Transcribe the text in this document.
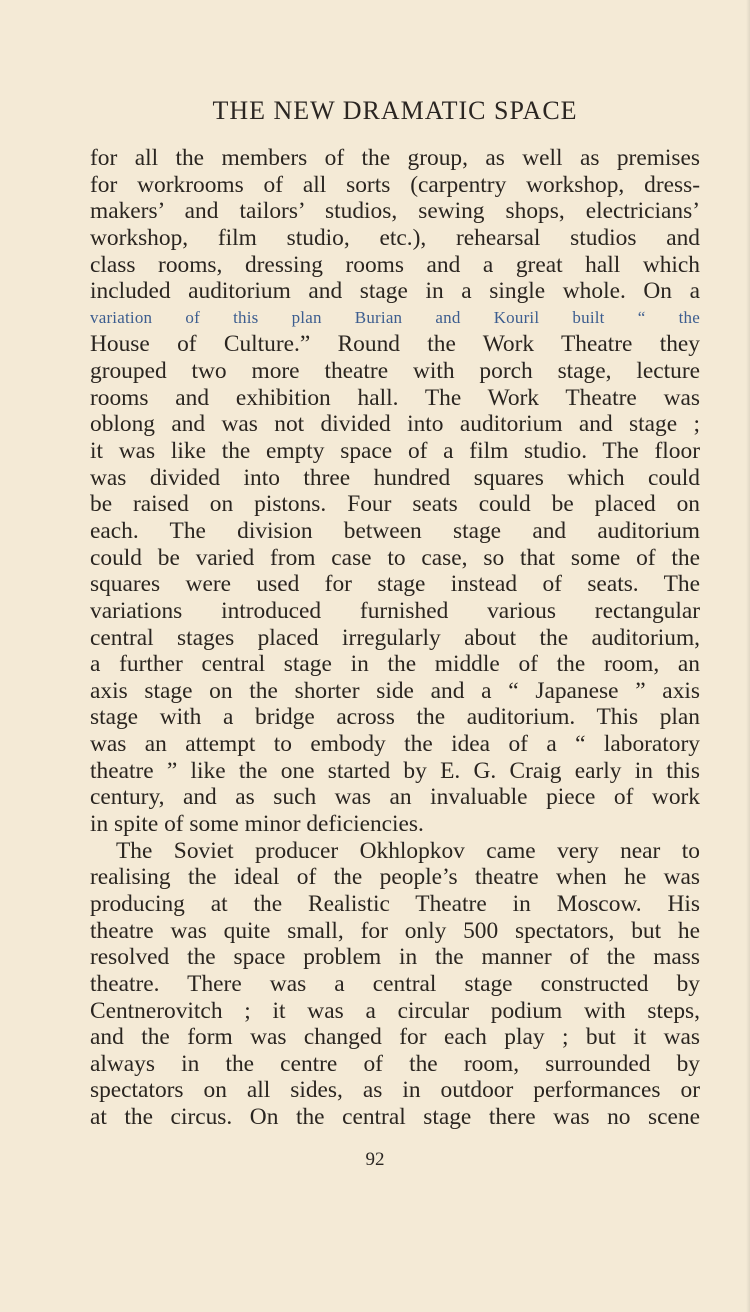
THE NEW DRAMATIC SPACE
for all the members of the group, as well as premises
for workrooms of all sorts (carpentry workshop, dress-
makers’ and tailors’ studios, sewing shops, electricians’
workshop, film studio, etc.), rehearsal studios and
class rooms, dressing rooms and a great hall which
included auditorium and stage in a single whole. On a
variation of this plan Burian and Kouril built “ the
House of Culture.” Round the Work Theatre they
grouped two more theatre with porch stage, lecture
rooms and exhibition hall. The Work Theatre was
oblong and was not divided into auditorium and stage ;
it was like the empty space of a film studio. The floor
was divided into three hundred squares which could
be raised on pistons. Four seats could be placed on
each. The division between stage and auditorium
could be varied from case to case, so that some of the
squares were used for stage instead of seats. The
variations introduced furnished various rectangular
central stages placed irregularly about the auditorium,
a further central stage in the middle of the room, an
axis stage on the shorter side and a “ Japanese ” axis
stage with a bridge across the auditorium. This plan
was an attempt to embody the idea of a “ laboratory
theatre ” like the one started by E. G. Craig early in this
century, and as such was an invaluable piece of work
in spite of some minor deficiencies.
The Soviet producer Okhlopkov came very near to
realising the ideal of the people’s theatre when he was
producing at the Realistic Theatre in Moscow. His
theatre was quite small, for only 500 spectators, but he
resolved the space problem in the manner of the mass
theatre. There was a central stage constructed by
Centnerovitch ; it was a circular podium with steps,
and the form was changed for each play ; but it was
always in the centre of the room, surrounded by
spectators on all sides, as in outdoor performances or
at the circus. On the central stage there was no scene
92
